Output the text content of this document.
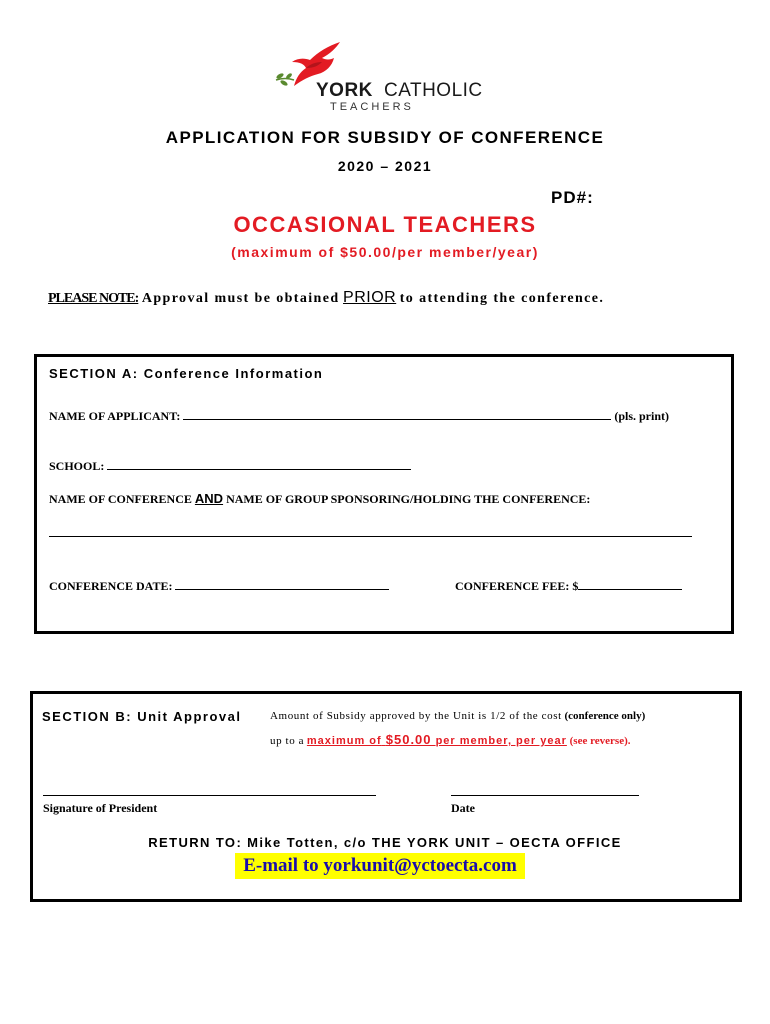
YORK CATHOLIC
TEACHERS
APPLICATION FOR SUBSIDY OF CONFERENCE
2020 – 2021
PD#:
OCCASIONAL TEACHERS
(maximum of $50.00/per member/year)
PLEASE NOTE: Approval must be obtained PRIOR to attending the conference.
SECTION A: Conference Information
NAME OF APPLICANT:	(pls. print)
SCHOOL:
NAME OF CONFERENCE AND NAME OF GROUP SPONSORING/HOLDING THE CONFERENCE:
CONFERENCE DATE:	CONFERENCE FEE: $
SECTION B: Unit Approval	Amount of Subsidy approved by the Unit is 1/2 of the cost (conference only)
up to a maximum of $50.00 per member, per year (see reverse).
Signature of President	Date
RETURN TO: Mike Totten, c/o THE YORK UNIT – OECTA OFFICE
E-mail to yorkunit@yctoecta.com
